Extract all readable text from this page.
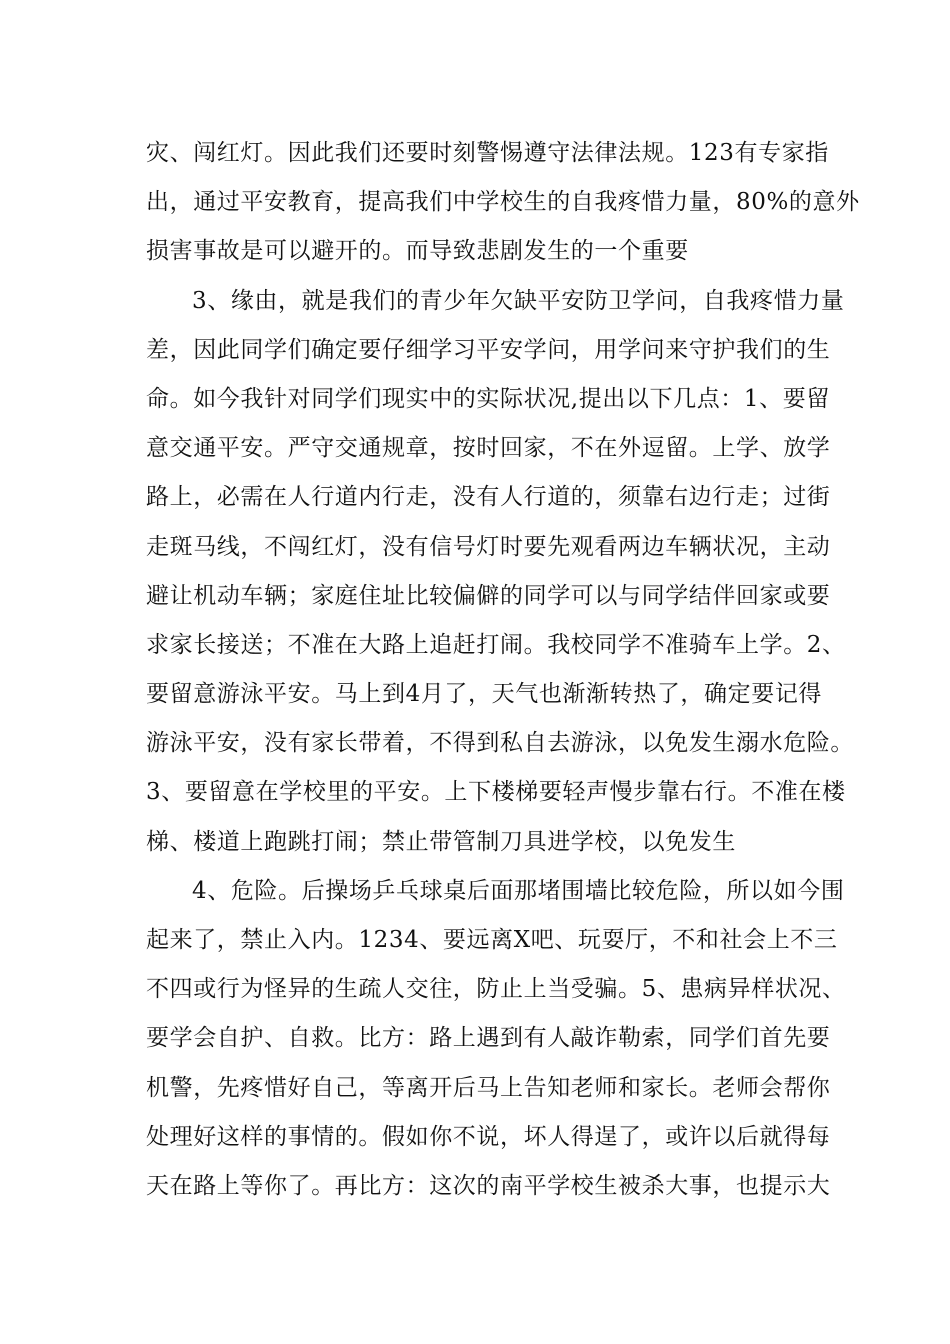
灾、闯红灯。因此我们还要时刻警惕遵守法律法规。123有专家指
出，通过平安教育，提高我们中学校生的自我疼惜力量，80%的意外
损害事故是可以避开的。而导致悲剧发生的一个重要
3、缘由，就是我们的青少年欠缺平安防卫学问，自我疼惜力量
差，因此同学们确定要仔细学习平安学问，用学问来守护我们的生
命。如今我针对同学们现实中的实际状况,提出以下几点：1、要留
意交通平安。严守交通规章，按时回家，不在外逗留。上学、放学
路上，必需在人行道内行走，没有人行道的，须靠右边行走；过街
走斑马线，不闯红灯，没有信号灯时要先观看两边车辆状况，主动
避让机动车辆；家庭住址比较偏僻的同学可以与同学结伴回家或要
求家长接送；不准在大路上追赶打闹。我校同学不准骑车上学。2、
要留意游泳平安。马上到4月了，天气也渐渐转热了，确定要记得
游泳平安，没有家长带着，不得到私自去游泳，以免发生溺水危险。
3、要留意在学校里的平安。上下楼梯要轻声慢步靠右行。不准在楼
梯、楼道上跑跳打闹；禁止带管制刀具进学校，以免发生
4、危险。后操场乒乓球桌后面那堵围墙比较危险，所以如今围
起来了，禁止入内。1234、要远离X吧、玩耍厅，不和社会上不三
不四或行为怪异的生疏人交往，防止上当受骗。5、患病异样状况、
要学会自护、自救。比方：路上遇到有人敲诈勒索，同学们首先要
机警，先疼惜好自己，等离开后马上告知老师和家长。老师会帮你
处理好这样的事情的。假如你不说，坏人得逞了，或许以后就得每
天在路上等你了。再比方：这次的南平学校生被杀大事，也提示大
